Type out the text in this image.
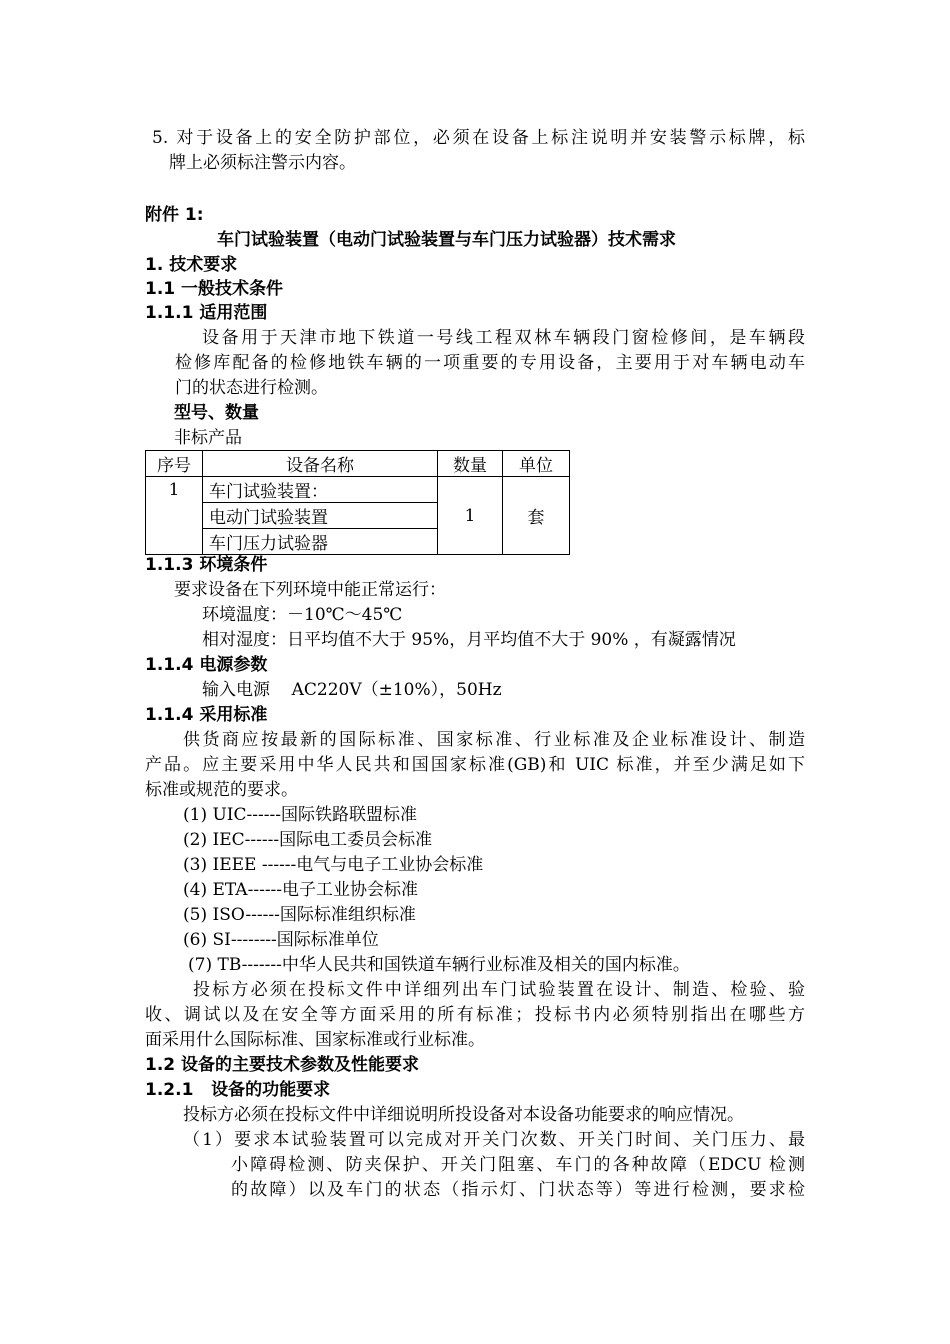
5. 对于设备上的安全防护部位，必须在设备上标注说明并安装警示标牌，标
牌上必须标注警示内容。
附件 1:
车门试验装置（电动门试验装置与车门压力试验器）技术需求
1. 技术要求
1.1 一般技术条件
1.1.1 适用范围
设备用于天津市地下铁道一号线工程双林车辆段门窗检修间，是车辆段
检修库配备的检修地铁车辆的一项重要的专用设备，主要用于对车辆电动车
门的状态进行检测。
型号、数量
非标产品
序号	设备名称	数量	单位
1	车门试验装置：	1	套
	电动门试验装置		
	车门压力试验器		
1.1.3 环境条件
要求设备在下列环境中能正常运行：
环境温度：－10℃～45℃
相对湿度：日平均值不大于 95%，月平均值不大于 90% ，有凝露情况
1.1.4 电源参数
输入电源    AC220V（±10%），50Hz
1.1.4 采用标准
供货商应按最新的国际标准、国家标准、行业标准及企业标准设计、制造
产品。应主要采用中华人民共和国国家标准(GB)和 UIC 标准，并至少满足如下
标准或规范的要求。
(1) UIC------国际铁路联盟标准
(2) IEC------国际电工委员会标准
(3) IEEE ------电气与电子工业协会标准
(4) ETA------电子工业协会标准
(5) ISO------国际标准组织标准
(6) SI--------国际标准单位
(7) TB-------中华人民共和国铁道车辆行业标准及相关的国内标准。
投标方必须在投标文件中详细列出车门试验装置在设计、制造、检验、验
收、调试以及在安全等方面采用的所有标准；投标书内必须特别指出在哪些方
面采用什么国际标准、国家标准或行业标准。
1.2 设备的主要技术参数及性能要求
1.2.1   设备的功能要求
投标方必须在投标文件中详细说明所投设备对本设备功能要求的响应情况。
（1）要求本试验装置可以完成对开关门次数、开关门时间、关门压力、最
小障碍检测、防夹保护、开关门阻塞、车门的各种故障（EDCU 检测
的故障）以及车门的状态（指示灯、门状态等）等进行检测，要求检
